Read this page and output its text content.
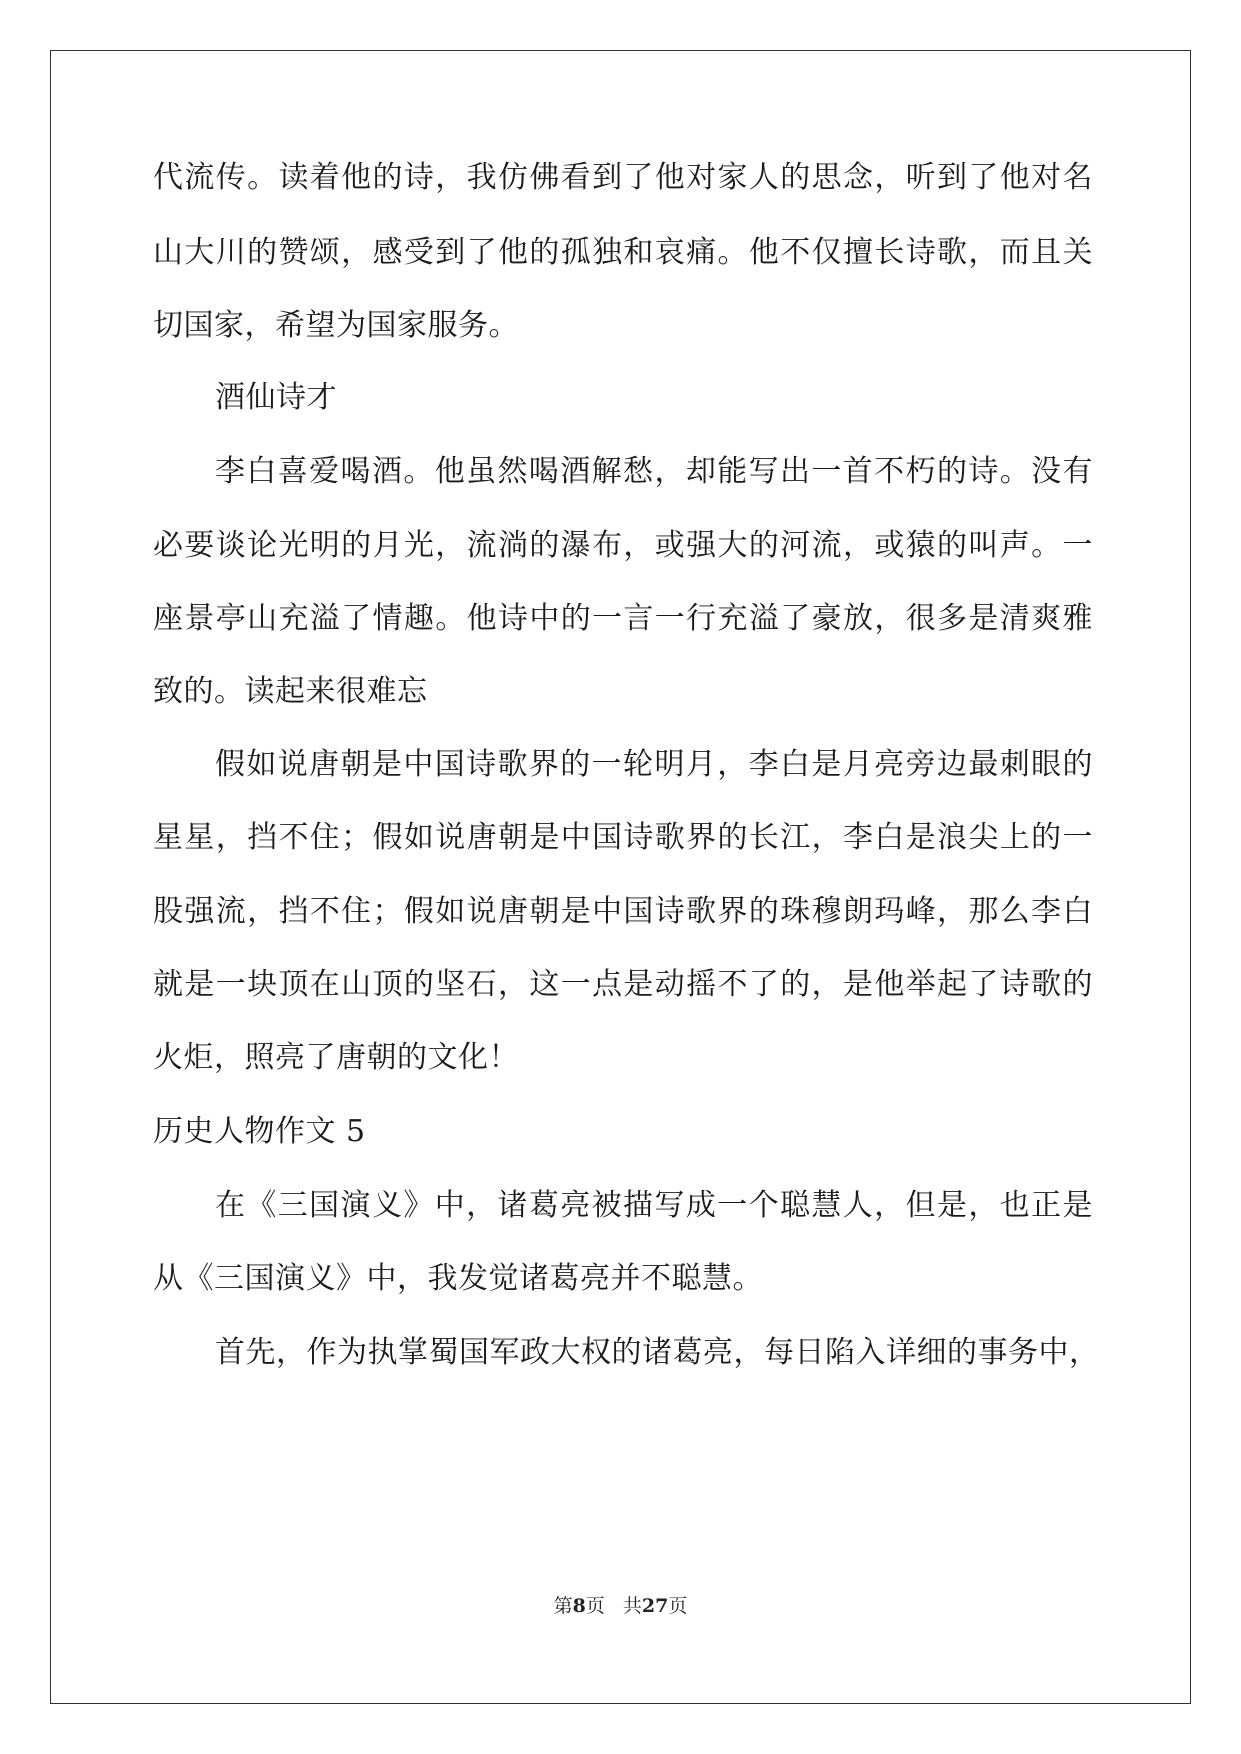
代流传。读着他的诗，我仿佛看到了他对家人的思念，听到了他对名
山大川的赞颂，感受到了他的孤独和哀痛。他不仅擅长诗歌，而且关
切国家，希望为国家服务。
酒仙诗才
李白喜爱喝酒。他虽然喝酒解愁，却能写出一首不朽的诗。没有
必要谈论光明的月光，流淌的瀑布，或强大的河流，或猿的叫声。一
座景亭山充溢了情趣。他诗中的一言一行充溢了豪放，很多是清爽雅
致的。读起来很难忘
假如说唐朝是中国诗歌界的一轮明月，李白是月亮旁边最刺眼的
星星，挡不住；假如说唐朝是中国诗歌界的长江，李白是浪尖上的一
股强流，挡不住；假如说唐朝是中国诗歌界的珠穆朗玛峰，那么李白
就是一块顶在山顶的坚石，这一点是动摇不了的，是他举起了诗歌的
火炬，照亮了唐朝的文化！
历史人物作文 5
在《三国演义》中，诸葛亮被描写成一个聪慧人，但是，也正是
从《三国演义》中，我发觉诸葛亮并不聪慧。
首先，作为执掌蜀国军政大权的诸葛亮，每日陷入详细的事务中，
第8页 共27页
